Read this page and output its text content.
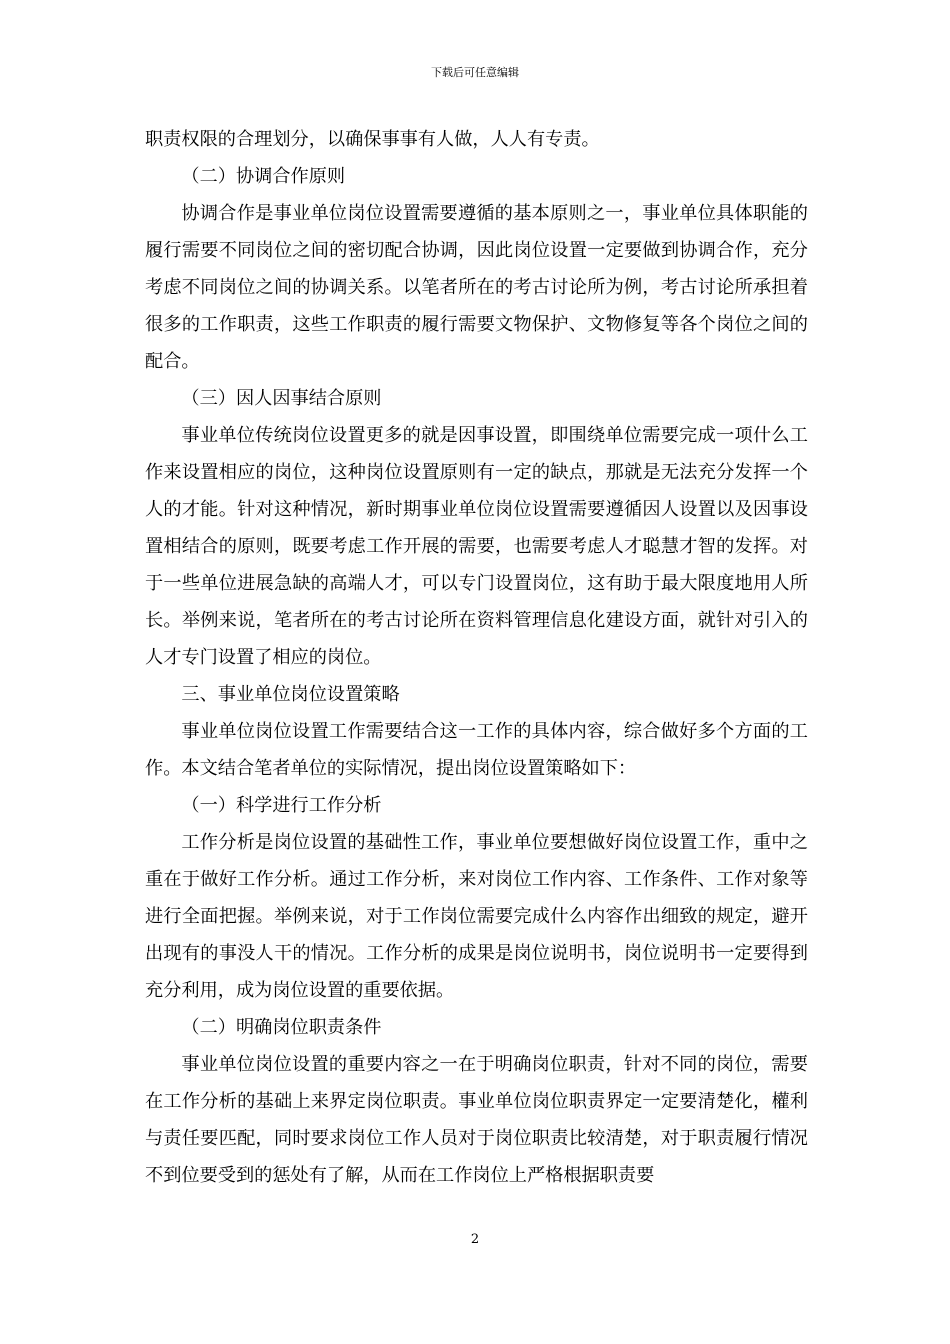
下载后可任意编辑

职责权限的合理划分，以确保事事有人做，人人有专责。

（二）协调合作原则

协调合作是事业单位岗位设置需要遵循的基本原则之一，事业单位具体职能的履行需要不同岗位之间的密切配合协调，因此岗位设置一定要做到协调合作，充分考虑不同岗位之间的协调关系。以笔者所在的考古讨论所为例，考古讨论所承担着很多的工作职责，这些工作职责的履行需要文物保护、文物修复等各个岗位之间的配合。

（三）因人因事结合原则

事业单位传统岗位设置更多的就是因事设置，即围绕单位需要完成一项什么工作来设置相应的岗位，这种岗位设置原则有一定的缺点，那就是无法充分发挥一个人的才能。针对这种情况，新时期事业单位岗位设置需要遵循因人设置以及因事设置相结合的原则，既要考虑工作开展的需要，也需要考虑人才聪慧才智的发挥。对于一些单位进展急缺的高端人才，可以专门设置岗位，这有助于最大限度地用人所长。举例来说，笔者所在的考古讨论所在资料管理信息化建设方面，就针对引入的人才专门设置了相应的岗位。

三、事业单位岗位设置策略

事业单位岗位设置工作需要结合这一工作的具体内容，综合做好多个方面的工作。本文结合笔者单位的实际情况，提出岗位设置策略如下：

（一）科学进行工作分析

工作分析是岗位设置的基础性工作，事业单位要想做好岗位设置工作，重中之重在于做好工作分析。通过工作分析，来对岗位工作内容、工作条件、工作对象等进行全面把握。举例来说，对于工作岗位需要完成什么内容作出细致的规定，避开出现有的事没人干的情况。工作分析的成果是岗位说明书，岗位说明书一定要得到充分利用，成为岗位设置的重要依据。

（二）明确岗位职责条件

事业单位岗位设置的重要内容之一在于明确岗位职责，针对不同的岗位，需要在工作分析的基础上来界定岗位职责。事业单位岗位职责界定一定要清楚化，權利与责任要匹配，同时要求岗位工作人员对于岗位职责比较清楚，对于职责履行情况不到位要受到的惩处有了解，从而在工作岗位上严格根据职责要

2
